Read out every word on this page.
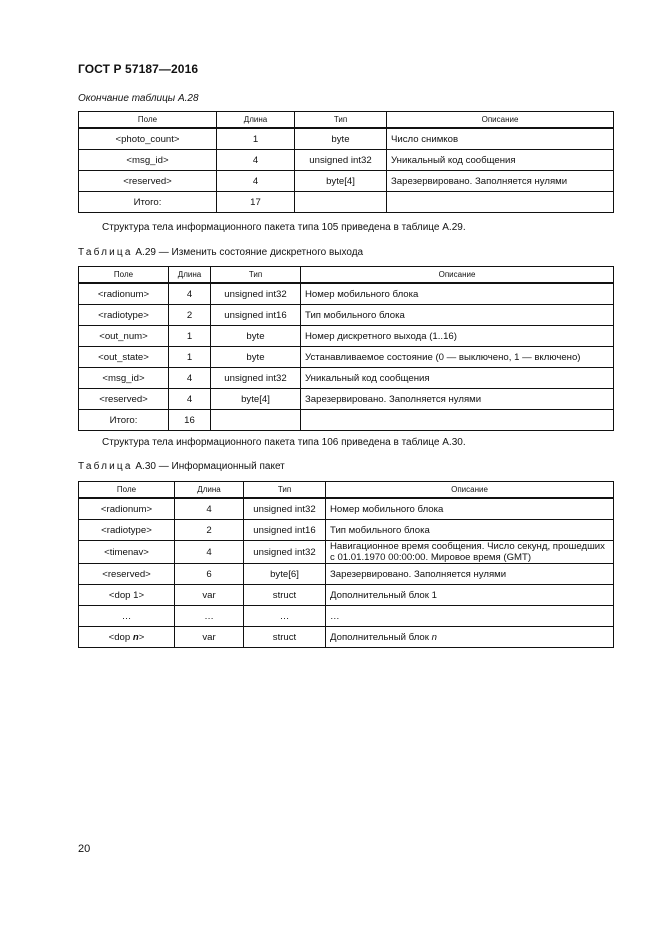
ГОСТ Р 57187—2016
Окончание таблицы А.28
Поле	Длина	Тип	Описание
<photo_count>	1	byte	Число снимков
<msg_id>	4	unsigned int32	Уникальный код сообщения
<reserved>	4	byte[4]	Зарезервировано. Заполняется нулями
Итого:	17		
Структура тела информационного пакета типа 105 приведена в таблице А.29.
Таблица А.29 — Изменить состояние дискретного выхода
Поле	Длина	Тип	Описание
<radionum>	4	unsigned int32	Номер мобильного блока
<radiotype>	2	unsigned int16	Тип мобильного блока
<out_num>	1	byte	Номер дискретного выхода (1..16)
<out_state>	1	byte	Устанавливаемое состояние (0 — выключено, 1 — включено)
<msg_id>	4	unsigned int32	Уникальный код сообщения
<reserved>	4	byte[4]	Зарезервировано. Заполняется нулями
Итого:	16		
Структура тела информационного пакета типа 106 приведена в таблице А.30.
Таблица А.30 — Информационный пакет
Поле	Длина	Тип	Описание
<radionum>	4	unsigned int32	Номер мобильного блока
<radiotype>	2	unsigned int16	Тип мобильного блока
<timenav>	4	unsigned int32	Навигационное время сообщения. Число секунд, прошедших с 01.01.1970 00:00:00. Мировое время (GMT)
<reserved>	6	byte[6]	Зарезервировано. Заполняется нулями
<dop 1>	var	struct	Дополнительный блок 1
…	…	…	…
<dop n>	var	struct	Дополнительный блок n
20
